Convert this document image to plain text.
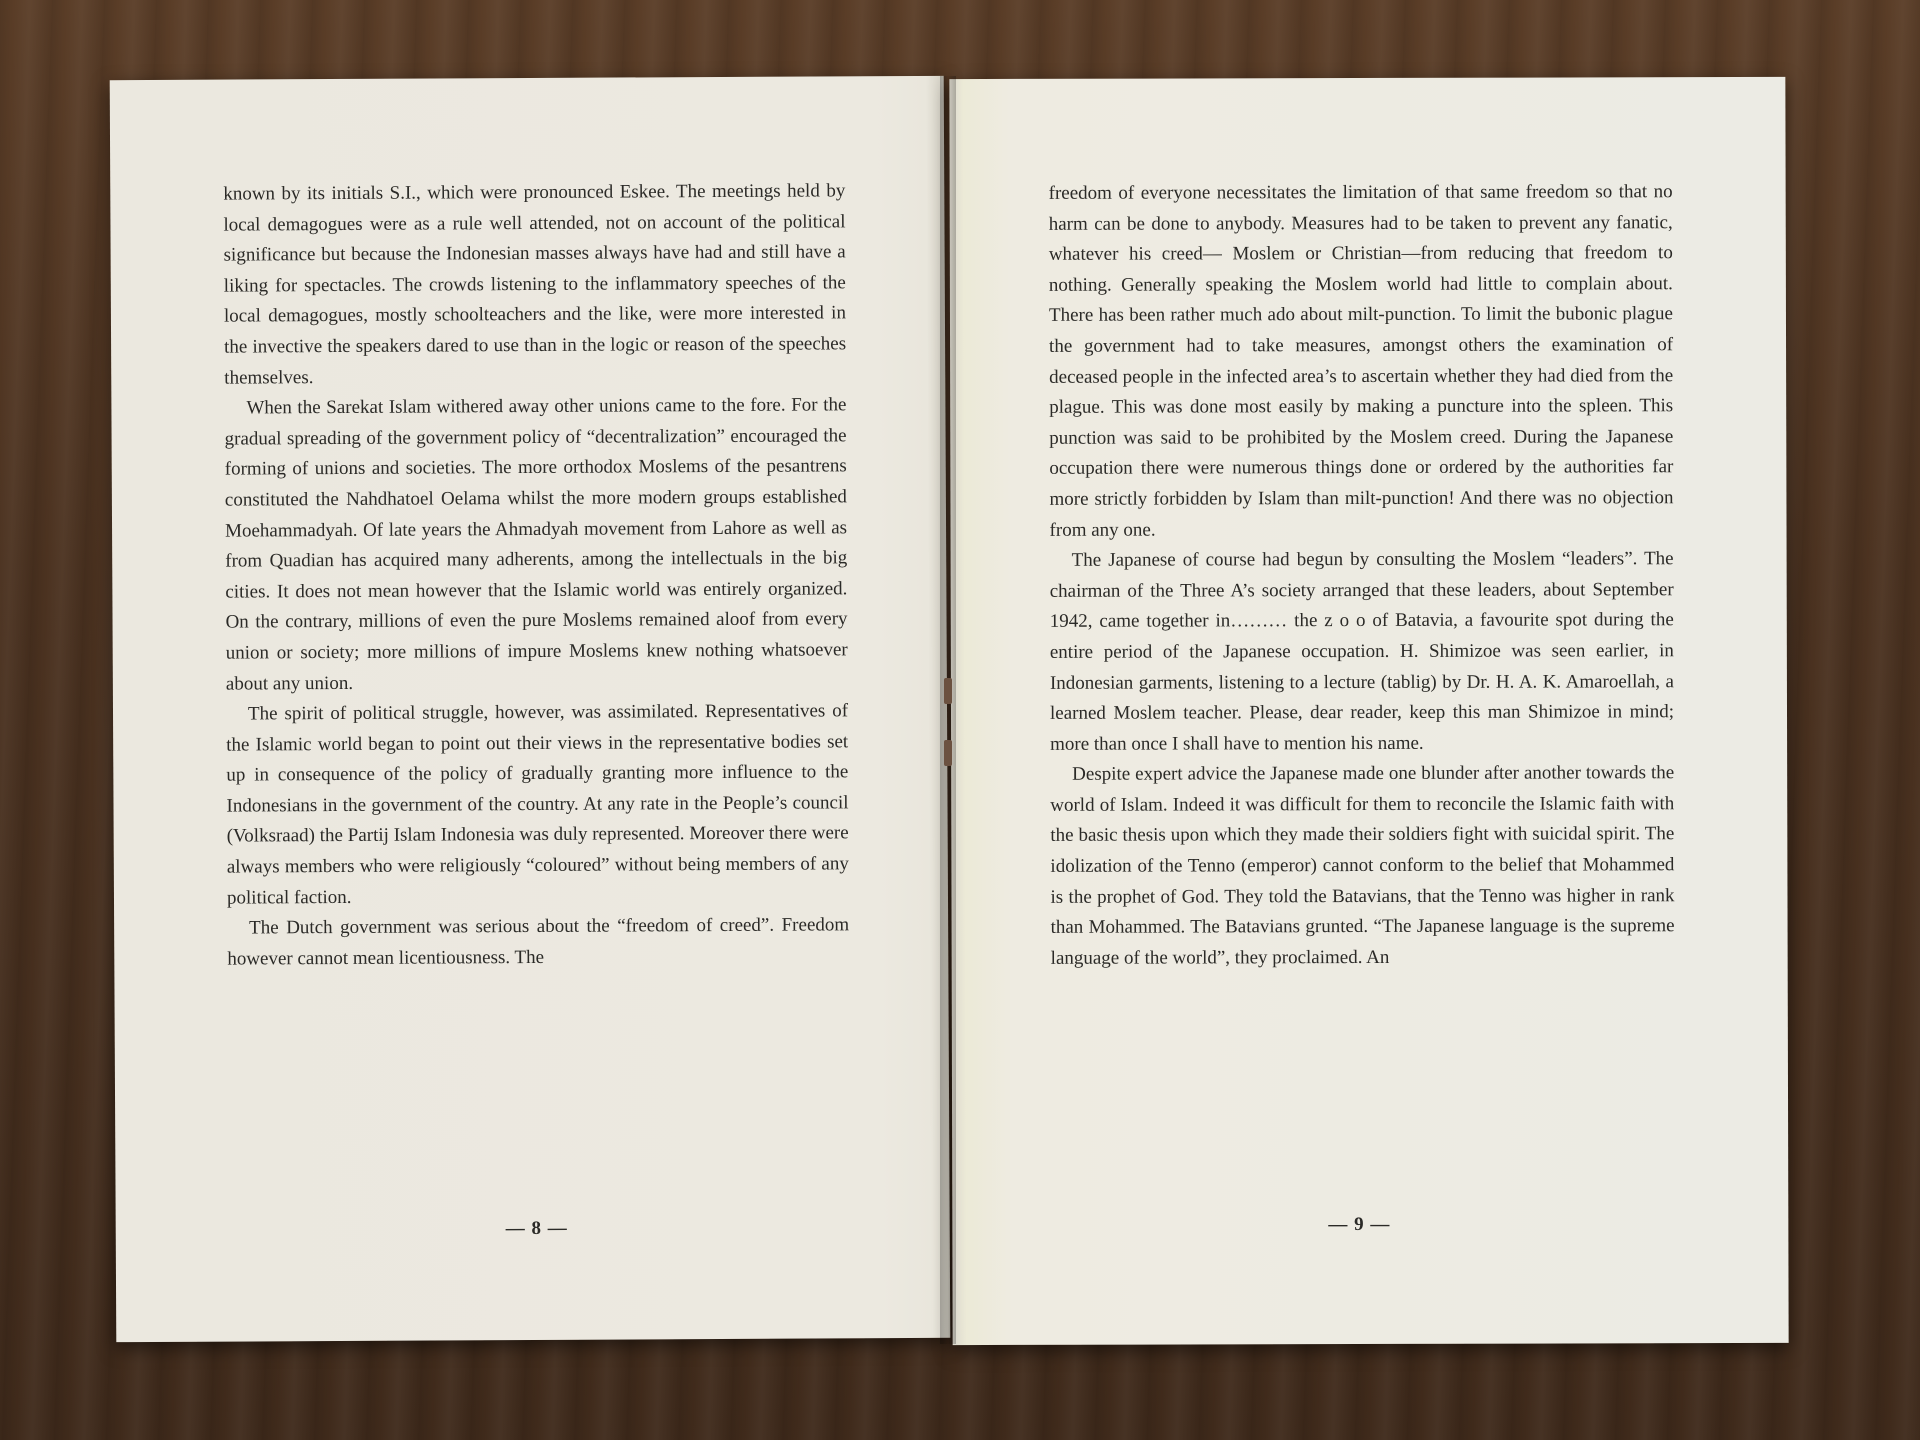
known by its initials S.I., which were pronounced Eskee. The meetings held by local demagogues were as a rule well attended, not on account of the political significance but because the Indonesian masses always have had and still have a liking for spectacles. The crowds listening to the inflammatory speeches of the local demagogues, mostly schoolteachers and the like, were more interested in the invective the speakers dared to use than in the logic or reason of the speeches themselves.

When the Sarekat Islam withered away other unions came to the fore. For the gradual spreading of the government policy of “decentralization” encouraged the forming of unions and societies. The more orthodox Moslems of the pesantrens constituted the Nahdhatoel Oelama whilst the more modern groups established Moehammadyah. Of late years the Ahmadyah movement from Lahore as well as from Quadian has acquired many adherents, among the intellectuals in the big cities. It does not mean however that the Islamic world was entirely organized. On the contrary, millions of even the pure Moslems remained aloof from every union or society; more millions of impure Moslems knew nothing whatsoever about any union.

The spirit of political struggle, however, was assimilated. Representatives of the Islamic world began to point out their views in the representative bodies set up in consequence of the policy of gradually granting more influence to the Indonesians in the government of the country. At any rate in the People’s council (Volksraad) the Partij Islam Indonesia was duly represented. Moreover there were always members who were religiously “coloured” without being members of any political faction.

The Dutch government was serious about the “freedom of creed”. Freedom however cannot mean licentiousness. The

— 8 —

freedom of everyone necessitates the limitation of that same freedom so that no harm can be done to anybody. Measures had to be taken to prevent any fanatic, whatever his creed— Moslem or Christian—from reducing that freedom to nothing. Generally speaking the Moslem world had little to complain about. There has been rather much ado about milt-punction. To limit the bubonic plague the government had to take measures, amongst others the examination of deceased people in the infected area’s to ascertain whether they had died from the plague. This was done most easily by making a puncture into the spleen. This punction was said to be prohibited by the Moslem creed. During the Japanese occupation there were numerous things done or ordered by the authorities far more strictly forbidden by Islam than milt-punction! And there was no objection from any one.

The Japanese of course had begun by consulting the Moslem “leaders”. The chairman of the Three A’s society arranged that these leaders, about September 1942, came together in……… the z o o of Batavia, a favourite spot during the entire period of the Japanese occupation. H. Shimizoe was seen earlier, in Indonesian garments, listening to a lecture (tablig) by Dr. H. A. K. Amaroellah, a learned Moslem teacher. Please, dear reader, keep this man Shimizoe in mind; more than once I shall have to mention his name.

Despite expert advice the Japanese made one blunder after another towards the world of Islam. Indeed it was difficult for them to reconcile the Islamic faith with the basic thesis upon which they made their soldiers fight with suicidal spirit. The idolization of the Tenno (emperor) cannot conform to the belief that Mohammed is the prophet of God. They told the Batavians, that the Tenno was higher in rank than Mohammed. The Batavians grunted. “The Japanese language is the supreme language of the world”, they proclaimed. An

— 9 —
